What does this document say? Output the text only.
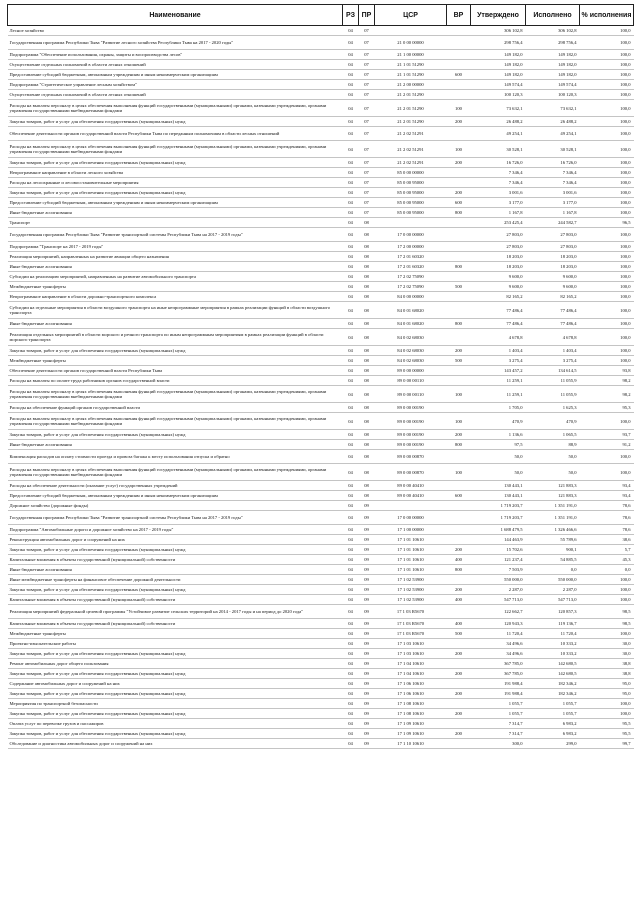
Наименование	РЗ	ПР	ЦСР	ВР	Утверждено	Исполнено	% исполнения
Лесное хозяйство	04	07			306 102,8	306 102,8	100,0
Государственная программа Республики Тыва "Развитие лесного хозяйства Республики Тыва на 2017 - 2020 годы"	04	07	21 0 00 00000		298 756,4	298 756,4	100,0
Подпрограмма "Обеспечение использования, охраны, защиты и воспроизводства лесов"	04	07	21 1 00 00000		149 182,0	149 182,0	100,0
Осуществление отдельных полномочий в области лесных отношений	04	07	21 1 01 51290		149 182,0	149 182,0	100,0
Предоставление субсидий бюджетным, автономным учреждениям и иным некоммерческим организациям	04	07	21 1 01 51290	600	149 182,0	149 182,0	100,0
Подпрограмма "Стратегическое управление лесным хозяйством"	04	07	21 2 00 00000		149 574,4	149 574,4	100,0
Осуществление отдельных полномочий в области лесных отношений	04	07	21 2 01 51290		100 120,3	100 120,3	100,0
Расходы на выплаты персоналу в целях обеспечения выполнения функций государственными (муниципальными) органами, казенными учреждениями, органами управления государственными внебюджетными фондами	04	07	21 2 01 51290	100	73 632,1	73 632,1	100,0
Закупка товаров, работ и услуг для обеспечения государственных (муниципальных) нужд	04	07	21 2 01 51290	200	26 488,2	26 488,2	100,0
Обеспечение деятельности органов государственной власти Республики Тыва по переданным полномочиям в области лесных отношений	04	07	21 2 02 51291		49 254,1	49 254,1	100,0
Расходы на выплаты персоналу в целях обеспечения выполнения функций государственными (муниципальными) органами, казенными учреждениями, органами управления государственными внебюджетными фондами	04	07	21 2 02 51291	100	30 528,1	30 528,1	100,0
Закупка товаров, работ и услуг для обеспечения государственных (муниципальных) нужд	04	07	21 2 02 51291	200	16 726,0	16 726,0	100,0
Непрограммное направление в области лесного хозяйства	04	07	85 0 00 00000		7 346,4	7 346,4	100,0
Расходы на лесоохранные и лесовосстановительные мероприятия	04	07	85 0 00 95000		7 346,4	7 346,4	100,0
Закупка товаров, работ и услуг для обеспечения государственных (муниципальных) нужд	04	07	85 0 00 95000	200	3 001,6	3 001,6	100,0
Предоставление субсидий бюджетным, автономным учреждениям и иным некоммерческим организациям	04	07	85 0 00 95000	600	3 177,0	3 177,0	100,0
Иные бюджетные ассигнования	04	07	85 0 00 95000	800	1 167,8	1 167,8	100,0
Транспорт	04	08			253 425,4	244 582,7	96,5
Государственная программа Республики Тыва "Развитие транспортной системы Республики Тыва на 2017 - 2019 годы"	04	08	17 0 00 00000		27 803,0	27 803,0	100,0
Подпрограмма "Транспорт на 2017 - 2019 годы"	04	08	17 2 00 00000		27 803,0	27 803,0	100,0
Реализация мероприятий, направленных на развитие авиации общего назначения	04	08	17 2 01 60320		18 203,0	18 203,0	100,0
Иные бюджетные ассигнования	04	08	17 2 01 60320	800	18 203,0	18 203,0	100,0
Субсидии на реализацию мероприятий, направленных на развитие автомобильного транспорта	04	08	17 2 02 75090		9 600,0	9 600,0	100,0
Межбюджетные трансферты	04	08	17 2 02 75090	500	9 600,0	9 600,0	100,0
Непрограммное направление в области дорожно-транспортного комплекса	04	08	84 0 00 00000		82 165,2	82 165,2	100,0
Субсидии на отдельные мероприятия в области воздушного транспорта на иные непрограммные мероприятия в рамках реализации функций в области воздушного транспорта	04	08	84 0 01 68020		77 486,4	77 486,4	100,0
Иные бюджетные ассигнования	04	08	84 0 01 68020	800	77 486,4	77 486,4	100,0
Реализация отдельных мероприятий в области морского и речного транспорта по иным непрограммным мероприятиям в рамках реализации функций в области морского транспорта	04	08	84 0 02 68030		4 678,8	4 678,8	100,0
Закупка товаров, работ и услуг для обеспечения государственных (муниципальных) нужд	04	08	84 0 02 68030	200	1 403,4	1 403,4	100,0
Межбюджетные трансферты	04	08	84 0 02 68030	500	3 275,4	3 275,4	100,0
Обеспечение деятельности органов государственной власти Республики Тыва	04	08	89 0 00 00000		143 457,2	134 614,5	93,8
Расходы на выплаты по оплате труда работников органов государственной власти	04	08	89 0 00 00110		11 259,1	11 055,9	98,2
Расходы на выплаты персоналу в целях обеспечения выполнения функций государственными (муниципальными) органами, казенными учреждениями, органами управления государственными внебюджетными фондами	04	08	89 0 00 00110	100	11 259,1	11 055,9	98,2
Расходы на обеспечение функций органов государственной власти	04	08	89 0 00 00190		1 705,0	1 625,3	95,3
Расходы на выплаты персоналу в целях обеспечения выполнения функций государственными (муниципальными) органами, казенными учреждениями, органами управления государственными внебюджетными фондами	04	08	89 0 00 00190	100	470,9	470,9	100,0
Закупка товаров, работ и услуг для обеспечения государственных (муниципальных) нужд	04	08	89 0 00 00190	200	1 136,6	1 065,5	93,7
Иные бюджетные ассигнования	04	08	89 0 00 00190	800	97,5	88,9	91,2
Компенсация расходов на оплату стоимости проезда и провоза багажа к месту использования отпуска и обратно	04	08	89 0 00 00870		50,0	50,0	100,0
Расходы на выплаты персоналу в целях обеспечения выполнения функций государственными (муниципальными) органами, казенными учреждениями, органами управления государственными внебюджетными фондами	04	08	89 0 00 00870	100	50,0	50,0	100,0
Расходы на обеспечение деятельности (оказание услуг) государственных учреждений	04	08	89 0 00 40410		130 443,1	121 883,3	93,4
Предоставление субсидий бюджетным, автономным учреждениям и иным некоммерческим организациям	04	08	89 0 00 40410	600	130 443,1	121 883,3	93,4
Дорожное хозяйство (дорожные фонды)	04	09			1 719 203,7	1 351 191,0	78,6
Государственная программа Республики Тыва "Развитие транспортной системы Республики Тыва на 2017 - 2019 годы"	04	09	17 0 00 00000		1 719 203,7	1 351 191,0	78,6
Подпрограмма "Автомобильные дороги и дорожное хозяйство на 2017 - 2019 годы"	04	09	17 1 00 00000		1 688 479,5	1 326 466,6	78,6
Реконструкция автомобильных дорог и сооружений на них	04	09	17 1 01 10610		144 463,9	55 789,6	38,6
Закупка товаров, работ и услуг для обеспечения государственных (муниципальных) нужд	04	09	17 1 01 10610	200	15 702,6	900,1	5,7
Капитальные вложения в объекты государственной (муниципальной) собственности	04	09	17 1 01 10610	400	121 237,4	54 885,5	45,3
Иные бюджетные ассигнования	04	09	17 1 01 10610	800	7 503,9	0,0	0,0
Иные межбюджетные трансферты на финансовое обеспечение дорожной деятельности	04	09	17 1 02 53900		550 000,0	550 000,0	100,0
Закупка товаров, работ и услуг для обеспечения государственных (муниципальных) нужд	04	09	17 1 02 53900	200	2 287,0	2 287,0	100,0
Капитальные вложения в объекты государственной (муниципальной) собственности	04	09	17 1 02 53900	400	547 713,0	547 713,0	100,0
Реализация мероприятий федеральной целевой программы "Устойчивое развитие сельских территорий на 2014 - 2017 годы и на период до 2020 года"	04	09	17 1 03 R5670		122 662,7	120 857,3	98,5
Капитальные вложения в объекты государственной (муниципальной) собственности	04	09	17 1 03 R5670	400	120 943,3	119 136,7	98,5
Межбюджетные трансферты	04	09	17 1 03 R5670	500	11 720,4	11 720,4	100,0
Проектно-изыскательские работы	04	09	17 1 03 10610		34 496,6	10 333,2	30,0
Закупка товаров, работ и услуг для обеспечения государственных (муниципальных) нужд	04	09	17 1 03 10610	200	34 496,6	10 333,2	30,0
Ремонт автомобильных дорог общего пользования	04	09	17 1 04 10610		367 785,0	142 680,5	38,8
Закупка товаров, работ и услуг для обеспечения государственных (муниципальных) нужд	04	09	17 1 04 10610	200	367 785,0	142 680,5	38,8
Содержание автомобильных дорог и сооружений на них	04	09	17 1 06 10610		191 988,4	182 346,2	95,0
Закупка товаров, работ и услуг для обеспечения государственных (муниципальных) нужд	04	09	17 1 06 10610	200	191 988,4	182 346,2	95,0
Мероприятия по транспортной безопасности	04	09	17 1 08 10610		1 055,7	1 055,7	100,0
Закупка товаров, работ и услуг для обеспечения государственных (муниципальных) нужд	04	09	17 1 08 10610	200	1 055,7	1 055,7	100,0
Оплата услуг по перевозке грузов и пассажиров	04	09	17 1 09 10610		7 314,7	6 983,2	95,5
Закупка товаров, работ и услуг для обеспечения государственных (муниципальных) нужд	04	09	17 1 09 10610	200	7 314,7	6 983,2	95,5
Обследование и диагностика автомобильных дорог и сооружений на них	04	09	17 1 10 10610		300,0	299,0	99,7
